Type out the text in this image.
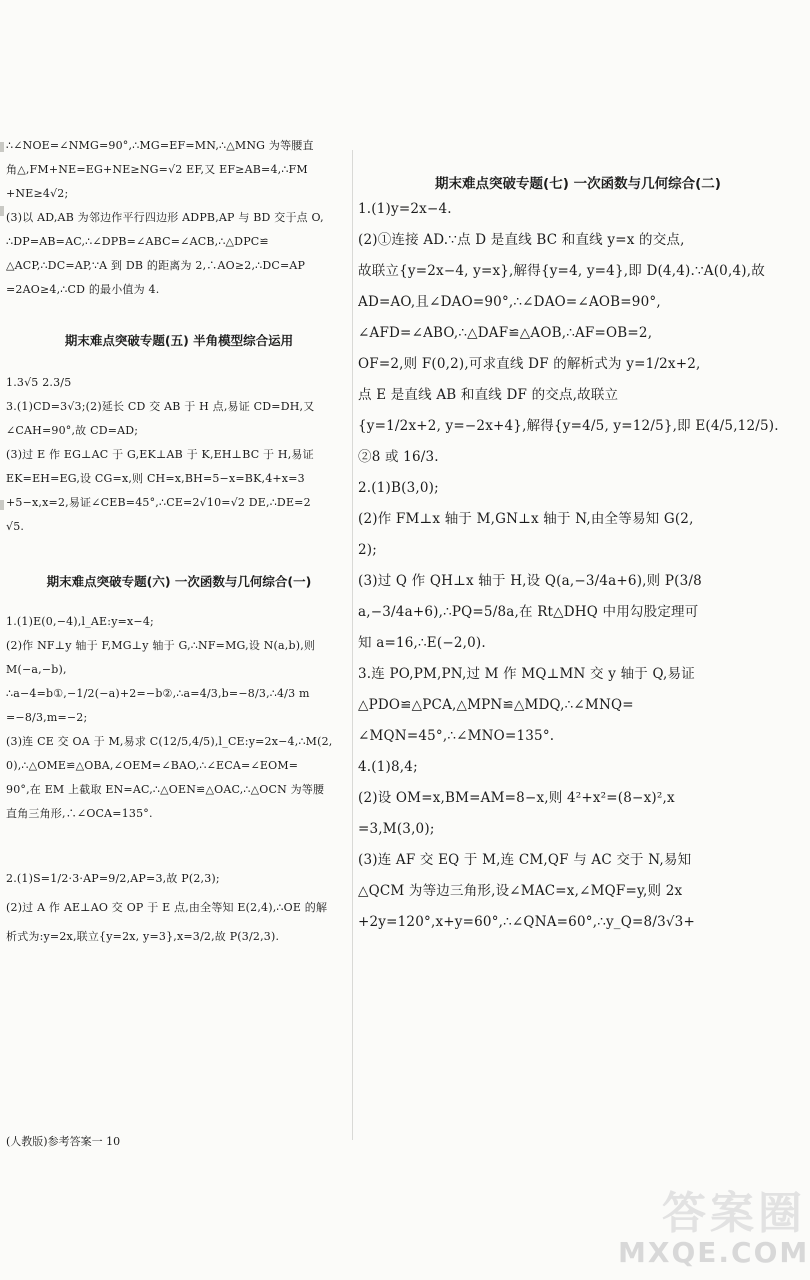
∴∠NOE=∠NMG=90°,∴MG=EF=MN,∴△MNG 为等腰直

角△,FM+NE=EG+NE≥NG=√2 EF,又 EF≥AB=4,∴FM

+NE≥4√2;

(3)以 AD,AB 为邻边作平行四边形 ADPB,AP 与 BD 交于点 O,

∴DP=AB=AC,∴∠DPB=∠ABC=∠ACB,∴△DPC≌

△ACP,∴DC=AP,∵A 到 DB 的距离为 2,∴AO≥2,∴DC=AP

=2AO≥4,∴CD 的最小值为 4.

期末难点突破专题(五) 半角模型综合运用

1.3√5 2.3/5

3.(1)CD=3√3;(2)延长 CD 交 AB 于 H 点,易证 CD=DH,又

∠CAH=90°,故 CD=AD;

(3)过 E 作 EG⊥AC 于 G,EK⊥AB 于 K,EH⊥BC 于 H,易证

EK=EH=EG,设 CG=x,则 CH=x,BH=5−x=BK,4+x=3

+5−x,x=2,易证∠CEB=45°,∴CE=2√10=√2 DE,∴DE=2

√5.

期末难点突破专题(六) 一次函数与几何综合(一)

1.(1)E(0,−4),l_AE:y=x−4;

(2)作 NF⊥y 轴于 F,MG⊥y 轴于 G,∴NF=MG,设 N(a,b),则

M(−a,−b),

∴a−4=b①,−1/2(−a)+2=−b②,∴a=4/3,b=−8/3,∴4/3 m

=−8/3,m=−2;

(3)连 CE 交 OA 于 M,易求 C(12/5,4/5),l_CE:y=2x−4,∴M(2,

0),∴△OME≌△OBA,∠OEM=∠BAO,∴∠ECA=∠EOM=

90°,在 EM 上截取 EN=AC,∴△OEN≌△OAC,∴△OCN 为等腰

直角三角形,∴∠OCA=135°.

2.(1)S=1/2·3·AP=9/2,AP=3,故 P(2,3);

(2)过 A 作 AE⊥AO 交 OP 于 E 点,由全等知 E(2,4),∴OE 的解

析式为:y=2x,联立{y=2x, y=3},x=3/2,故 P(3/2,3).

期末难点突破专题(七) 一次函数与几何综合(二)

1.(1)y=2x−4.

(2)①连接 AD.∵点 D 是直线 BC 和直线 y=x 的交点,

故联立{y=2x−4, y=x},解得{y=4, y=4},即 D(4,4).∵A(0,4),故

AD=AO,且∠DAO=90°,∴∠DAO=∠AOB=90°,

∠AFD=∠ABO,∴△DAF≌△AOB,∴AF=OB=2,

OF=2,则 F(0,2),可求直线 DF 的解析式为 y=1/2x+2,

点 E 是直线 AB 和直线 DF 的交点,故联立

{y=1/2x+2, y=−2x+4},解得{y=4/5, y=12/5},即 E(4/5,12/5).

②8 或 16/3.

2.(1)B(3,0);

(2)作 FM⊥x 轴于 M,GN⊥x 轴于 N,由全等易知 G(2,

2);

(3)过 Q 作 QH⊥x 轴于 H,设 Q(a,−3/4a+6),则 P(3/8

a,−3/4a+6),∴PQ=5/8a,在 Rt△DHQ 中用勾股定理可

知 a=16,∴E(−2,0).

3.连 PO,PM,PN,过 M 作 MQ⊥MN 交 y 轴于 Q,易证

△PDO≌△PCA,△MPN≌△MDQ,∴∠MNQ=

∠MQN=45°,∴∠MNO=135°.

4.(1)8,4;

(2)设 OM=x,BM=AM=8−x,则 4²+x²=(8−x)²,x

=3,M(3,0);

(3)连 AF 交 EQ 于 M,连 CM,QF 与 AC 交于 N,易知

△QCM 为等边三角形,设∠MAC=x,∠MQF=y,则 2x

+2y=120°,x+y=60°,∴∠QNA=60°,∴y_Q=8/3√3+

(人教版)参考答案一 10
答案圈
MXQE.COM
